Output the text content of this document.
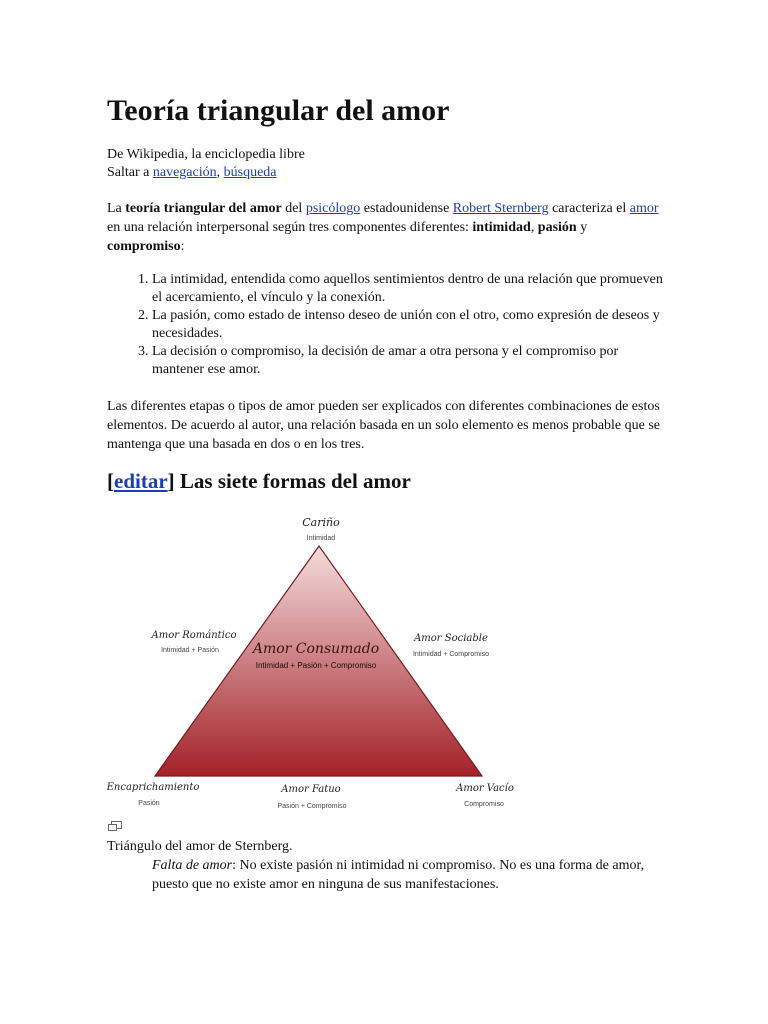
Teoría triangular del amor
De Wikipedia, la enciclopedia libre
Saltar a navegación, búsqueda

La teoría triangular del amor del psicólogo estadounidense Robert Sternberg caracteriza el amor en una relación interpersonal según tres componentes diferentes: intimidad, pasión y compromiso:

1. La intimidad, entendida como aquellos sentimientos dentro de una relación que promueven el acercamiento, el vínculo y la conexión.
2. La pasión, como estado de intenso deseo de unión con el otro, como expresión de deseos y necesidades.
3. La decisión o compromiso, la decisión de amar a otra persona y el compromiso por mantener ese amor.

Las diferentes etapas o tipos de amor pueden ser explicados con diferentes combinaciones de estos elementos. De acuerdo al autor, una relación basada en un solo elemento es menos probable que se mantenga que una basada en dos o en los tres.

[editar] Las siete formas del amor
Cariño
Intimidad
Amor Consumado
Intimidad + Pasión + Compromiso
Amor Romántico
Intimidad + Pasión
Amor Sociable
Intimidad + Compromiso
Encaprichamiento
Pasión
Amor Fatuo
Pasión + Compromiso
Amor Vacío
Compromiso
Triángulo del amor de Sternberg.

Falta de amor: No existe pasión ni intimidad ni compromiso. No es una forma de amor, puesto que no existe amor en ninguna de sus manifestaciones.
